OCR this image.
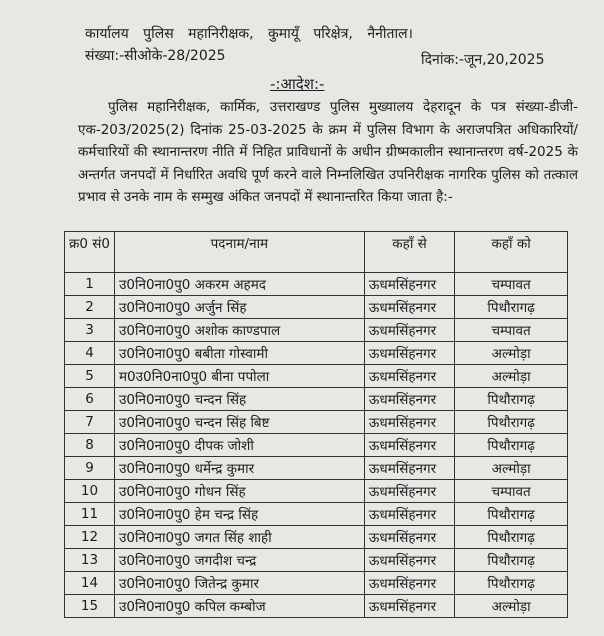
कार्यालय पुलिस महानिरीक्षक, कुमायूँ परिक्षेत्र, नैनीताल।
संख्या:-सीओके-28/2025	दिनांक:-जून,20,2025
-:आदेश:-
पुलिस महानिरीक्षक, कार्मिक, उत्तराखण्ड पुलिस मुख्यालय देहरादून के पत्र संख्या-डीजी-एक-203/2025(2) दिनांक 25-03-2025 के क्रम में पुलिस विभाग के अराजपत्रित अधिकारियों/कर्मचारियों की स्थानान्तरण नीति में निहित प्राविधानों के अधीन ग्रीष्मकालीन स्थानान्तरण वर्ष-2025 के अन्तर्गत जनपदों में निर्धारित अवधि पूर्ण करने वाले निम्नलिखित उपनिरीक्षक नागरिक पुलिस को तत्काल प्रभाव से उनके नाम के सम्मुख अंकित जनपदों में स्थानान्तरित किया जाता है:-
क्र0 सं0	पदनाम/नाम	कहाँ से	कहाँ को
1	उ0नि0ना0पु0 अकरम अहमद	ऊधमसिंहनगर	चम्पावत
2	उ0नि0ना0पु0 अर्जुन सिंह	ऊधमसिंहनगर	पिथौरागढ़
3	उ0नि0ना0पु0 अशोक काण्डपाल	ऊधमसिंहनगर	चम्पावत
4	उ0नि0ना0पु0 बबीता गोस्वामी	ऊधमसिंहनगर	अल्मोड़ा
5	म0उ0नि0ना0पु0 बीना पपोला	ऊधमसिंहनगर	अल्मोड़ा
6	उ0नि0ना0पु0 चन्दन सिंह	ऊधमसिंहनगर	पिथौरागढ़
7	उ0नि0ना0पु0 चन्दन सिंह बिष्ट	ऊधमसिंहनगर	पिथौरागढ़
8	उ0नि0ना0पु0 दीपक जोशी	ऊधमसिंहनगर	पिथौरागढ़
9	उ0नि0ना0पु0 धर्मेन्द्र कुमार	ऊधमसिंहनगर	अल्मोड़ा
10	उ0नि0ना0पु0 गोधन सिंह	ऊधमसिंहनगर	चम्पावत
11	उ0नि0ना0पु0 हेम चन्द्र सिंह	ऊधमसिंहनगर	पिथौरागढ़
12	उ0नि0ना0पु0 जगत सिंह शाही	ऊधमसिंहनगर	पिथौरागढ़
13	उ0नि0ना0पु0 जगदीश चन्द्र	ऊधमसिंहनगर	पिथौरागढ़
14	उ0नि0ना0पु0 जितेन्द्र कुमार	ऊधमसिंहनगर	पिथौरागढ़
15	उ0नि0ना0पु0 कपिल कम्बोज	ऊधमसिंहनगर	अल्मोड़ा
